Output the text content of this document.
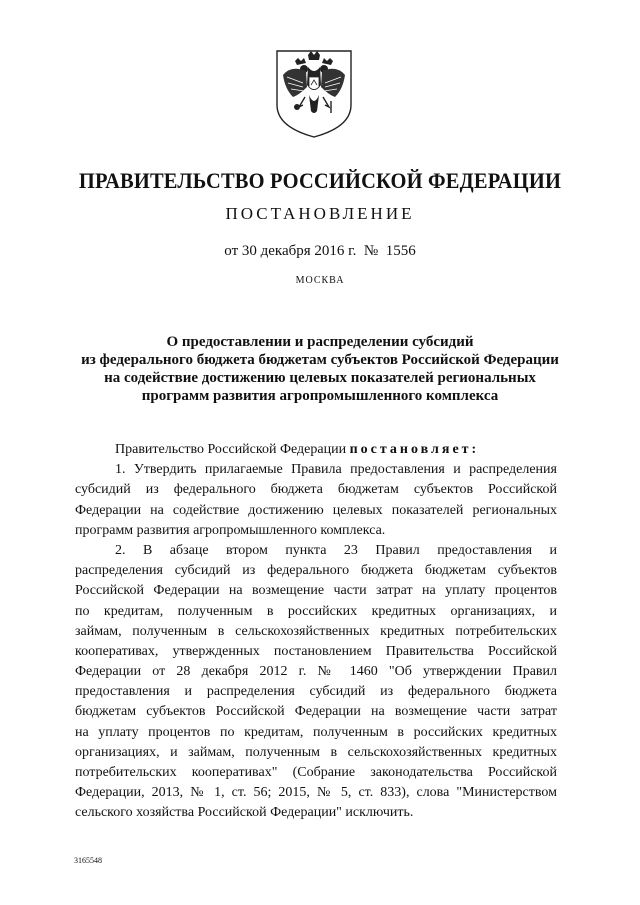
ПРАВИТЕЛЬСТВО РОССИЙСКОЙ ФЕДЕРАЦИИ
ПОСТАНОВЛЕНИЕ
от 30 декабря 2016 г. № 1556
МОСКВА
О предоставлении и распределении субсидий
из федерального бюджета бюджетам субъектов Российской Федерации
на содействие достижению целевых показателей региональных
программ развития агропромышленного комплекса
Правительство Российской Федерации постановляет:
1. Утвердить прилагаемые Правила предоставления и распределения
субсидий из федерального бюджета бюджетам субъектов Российской
Федерации на содействие достижению целевых показателей региональных
программ развития агропромышленного комплекса.
2. В абзаце втором пункта 23 Правил предоставления и
распределения субсидий из федерального бюджета бюджетам субъектов
Российской Федерации на возмещение части затрат на уплату процентов
по кредитам, полученным в российских кредитных организациях, и
займам, полученным в сельскохозяйственных кредитных потребительских
кооперативах, утвержденных постановлением Правительства Российской
Федерации от 28 декабря 2012 г. № 1460 "Об утверждении Правил
предоставления и распределения субсидий из федерального бюджета
бюджетам субъектов Российской Федерации на возмещение части затрат
на уплату процентов по кредитам, полученным в российских кредитных
организациях, и займам, полученным в сельскохозяйственных кредитных
потребительских кооперативах" (Собрание законодательства Российской
Федерации, 2013, № 1, ст. 56; 2015, № 5, ст. 833), слова "Министерством
сельского хозяйства Российской Федерации" исключить.
3165548
